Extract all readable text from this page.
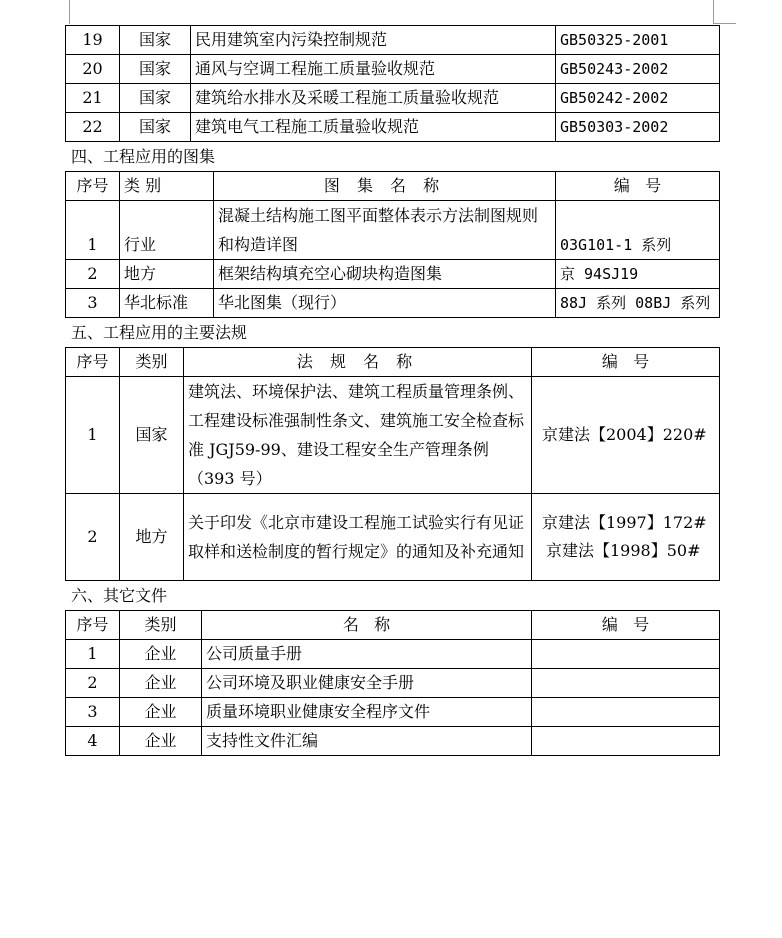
19	国家	民用建筑室内污染控制规范	GB50325-2001
20	国家	通风与空调工程施工质量验收规范	GB50243-2002
21	国家	建筑给水排水及采暖工程施工质量验收规范	GB50242-2002
22	国家	建筑电气工程施工质量验收规范	GB50303-2002
四、工程应用的图集
序号	类 别	图 集 名 称	编   号
1	行业	混凝土结构施工图平面整体表示方法制图规则和构造详图	03G101-1 系列
2	地方	框架结构填充空心砌块构造图集	京 94SJ19
3	华北标准	华北图集（现行）	88J 系列 08BJ 系列
五、工程应用的主要法规
序号	类别	法 规 名 称	编   号
1	国家	建筑法、环境保护法、建筑工程质量管理条例、工程建设标准强制性条文、建筑施工安全检查标准 JGJ59-99、建设工程安全生产管理条例（393 号）	京建法【2004】220#
2	地方	关于印发《北京市建设工程施工试验实行有见证取样和送检制度的暂行规定》的通知及补充通知	京建法【1997】172#
京建法【1998】50#
六、其它文件
序号	类别	名   称	编   号
1	企业	公司质量手册	
2	企业	公司环境及职业健康安全手册	
3	企业	质量环境职业健康安全程序文件	
4	企业	支持性文件汇编	
